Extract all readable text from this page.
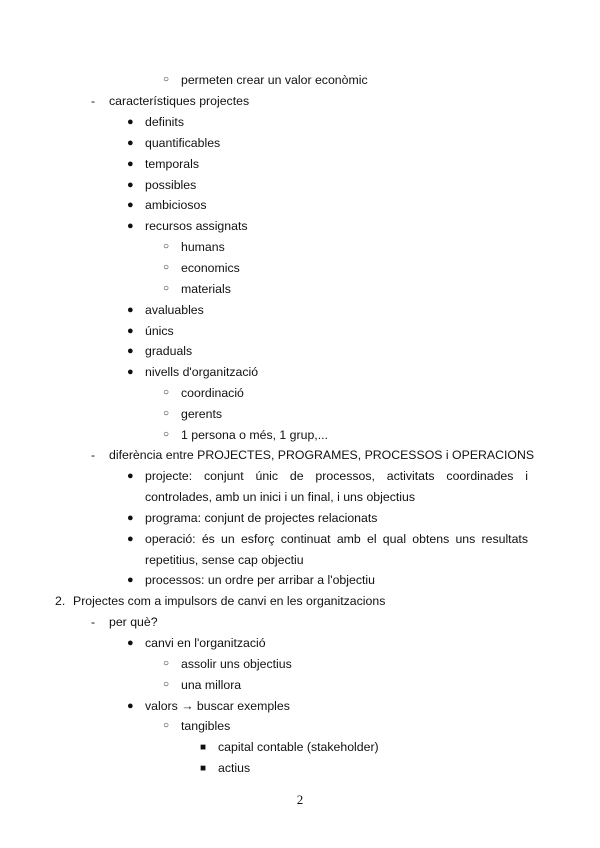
○
-
●
●
●
●
●
●
○
○
○
●
●
●
●
○
○
○
-
●
●
●
●
2.
-
●
○
○
●
○
■
■
permeten crear un valor econòmic
característiques projectes
definits
quantificables
temporals
possibles
ambiciosos
recursos assignats
humans
economics
materials
avaluables
únics
graduals
nivells d'organització
coordinació
gerents
1 persona o més, 1 grup,...
diferència entre PROJECTES, PROGRAMES, PROCESSOS i OPERACIONS
projecte: conjunt únic de processos, activitats coordinades i
controlades, amb un inici i un final, i uns objectius
programa: conjunt de projectes relacionats
operació: és un esforç continuat amb el qual obtens uns resultats
repetitius, sense cap objectiu
processos: un ordre per arribar a l'objectiu
Projectes com a impulsors de canvi en les organitzacions
per què?
canvi en l'organització
assolir uns objectius
una millora
valors → buscar exemples
tangibles
capital contable (stakeholder)
actius
2
